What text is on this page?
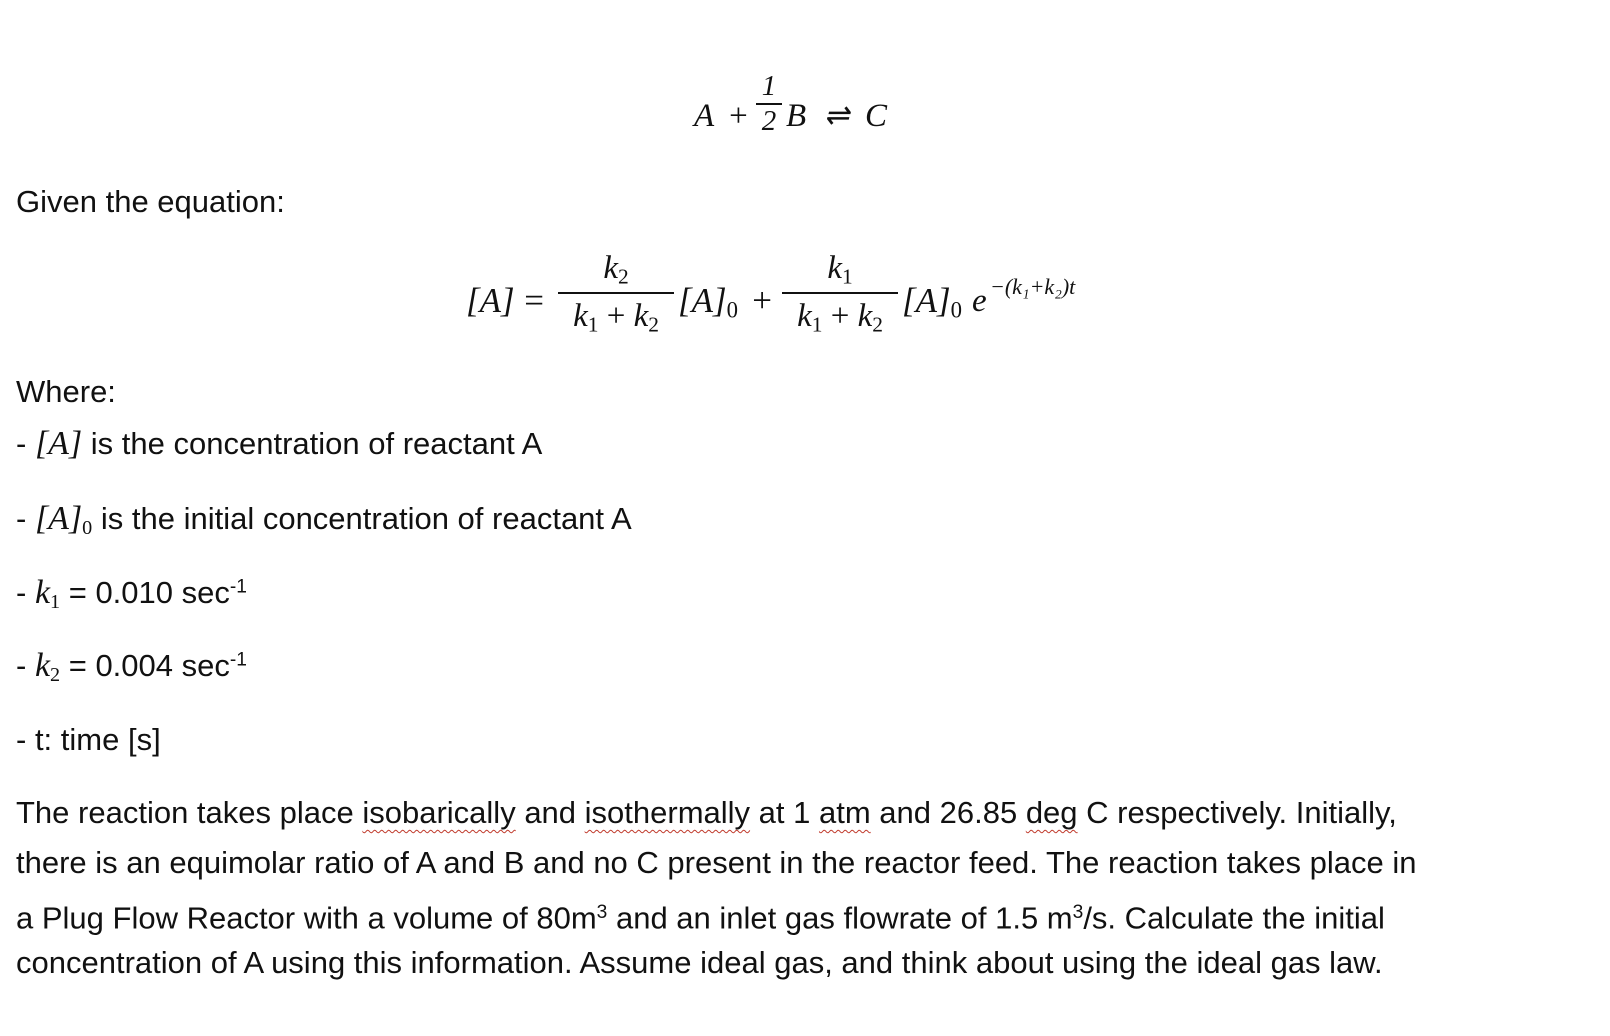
A +
1
2 B ⇌ C
Given the equation:
[A] =
$k_2$
$k_1 + k_2$
$[A]_0$ +
$k_1$
$k_1 + k_2$
$[A]_0$ e −(k₁+k₂)t
Where:
- [A] is the concentration of reactant A
- $[A]_0$ is the initial concentration of reactant A
- $k_1 = 0.010$ $\sec^{-1}$
- $k_2 = 0.004$ $\sec^{-1}$
- t: time [s]
The reaction takes place isobarically and isothermally at 1 atm and 26.85 deg C respectively. Initially,
there is an equimolar ratio of A and B and no C present in the reactor feed. The reaction takes place in
a Plug Flow Reactor with a volume of $80m^3$ and an inlet gas flowrate of 1.5 $m^3/s$. Calculate the initial
concentration of A using this information. Assume ideal gas, and think about using the ideal gas law.
